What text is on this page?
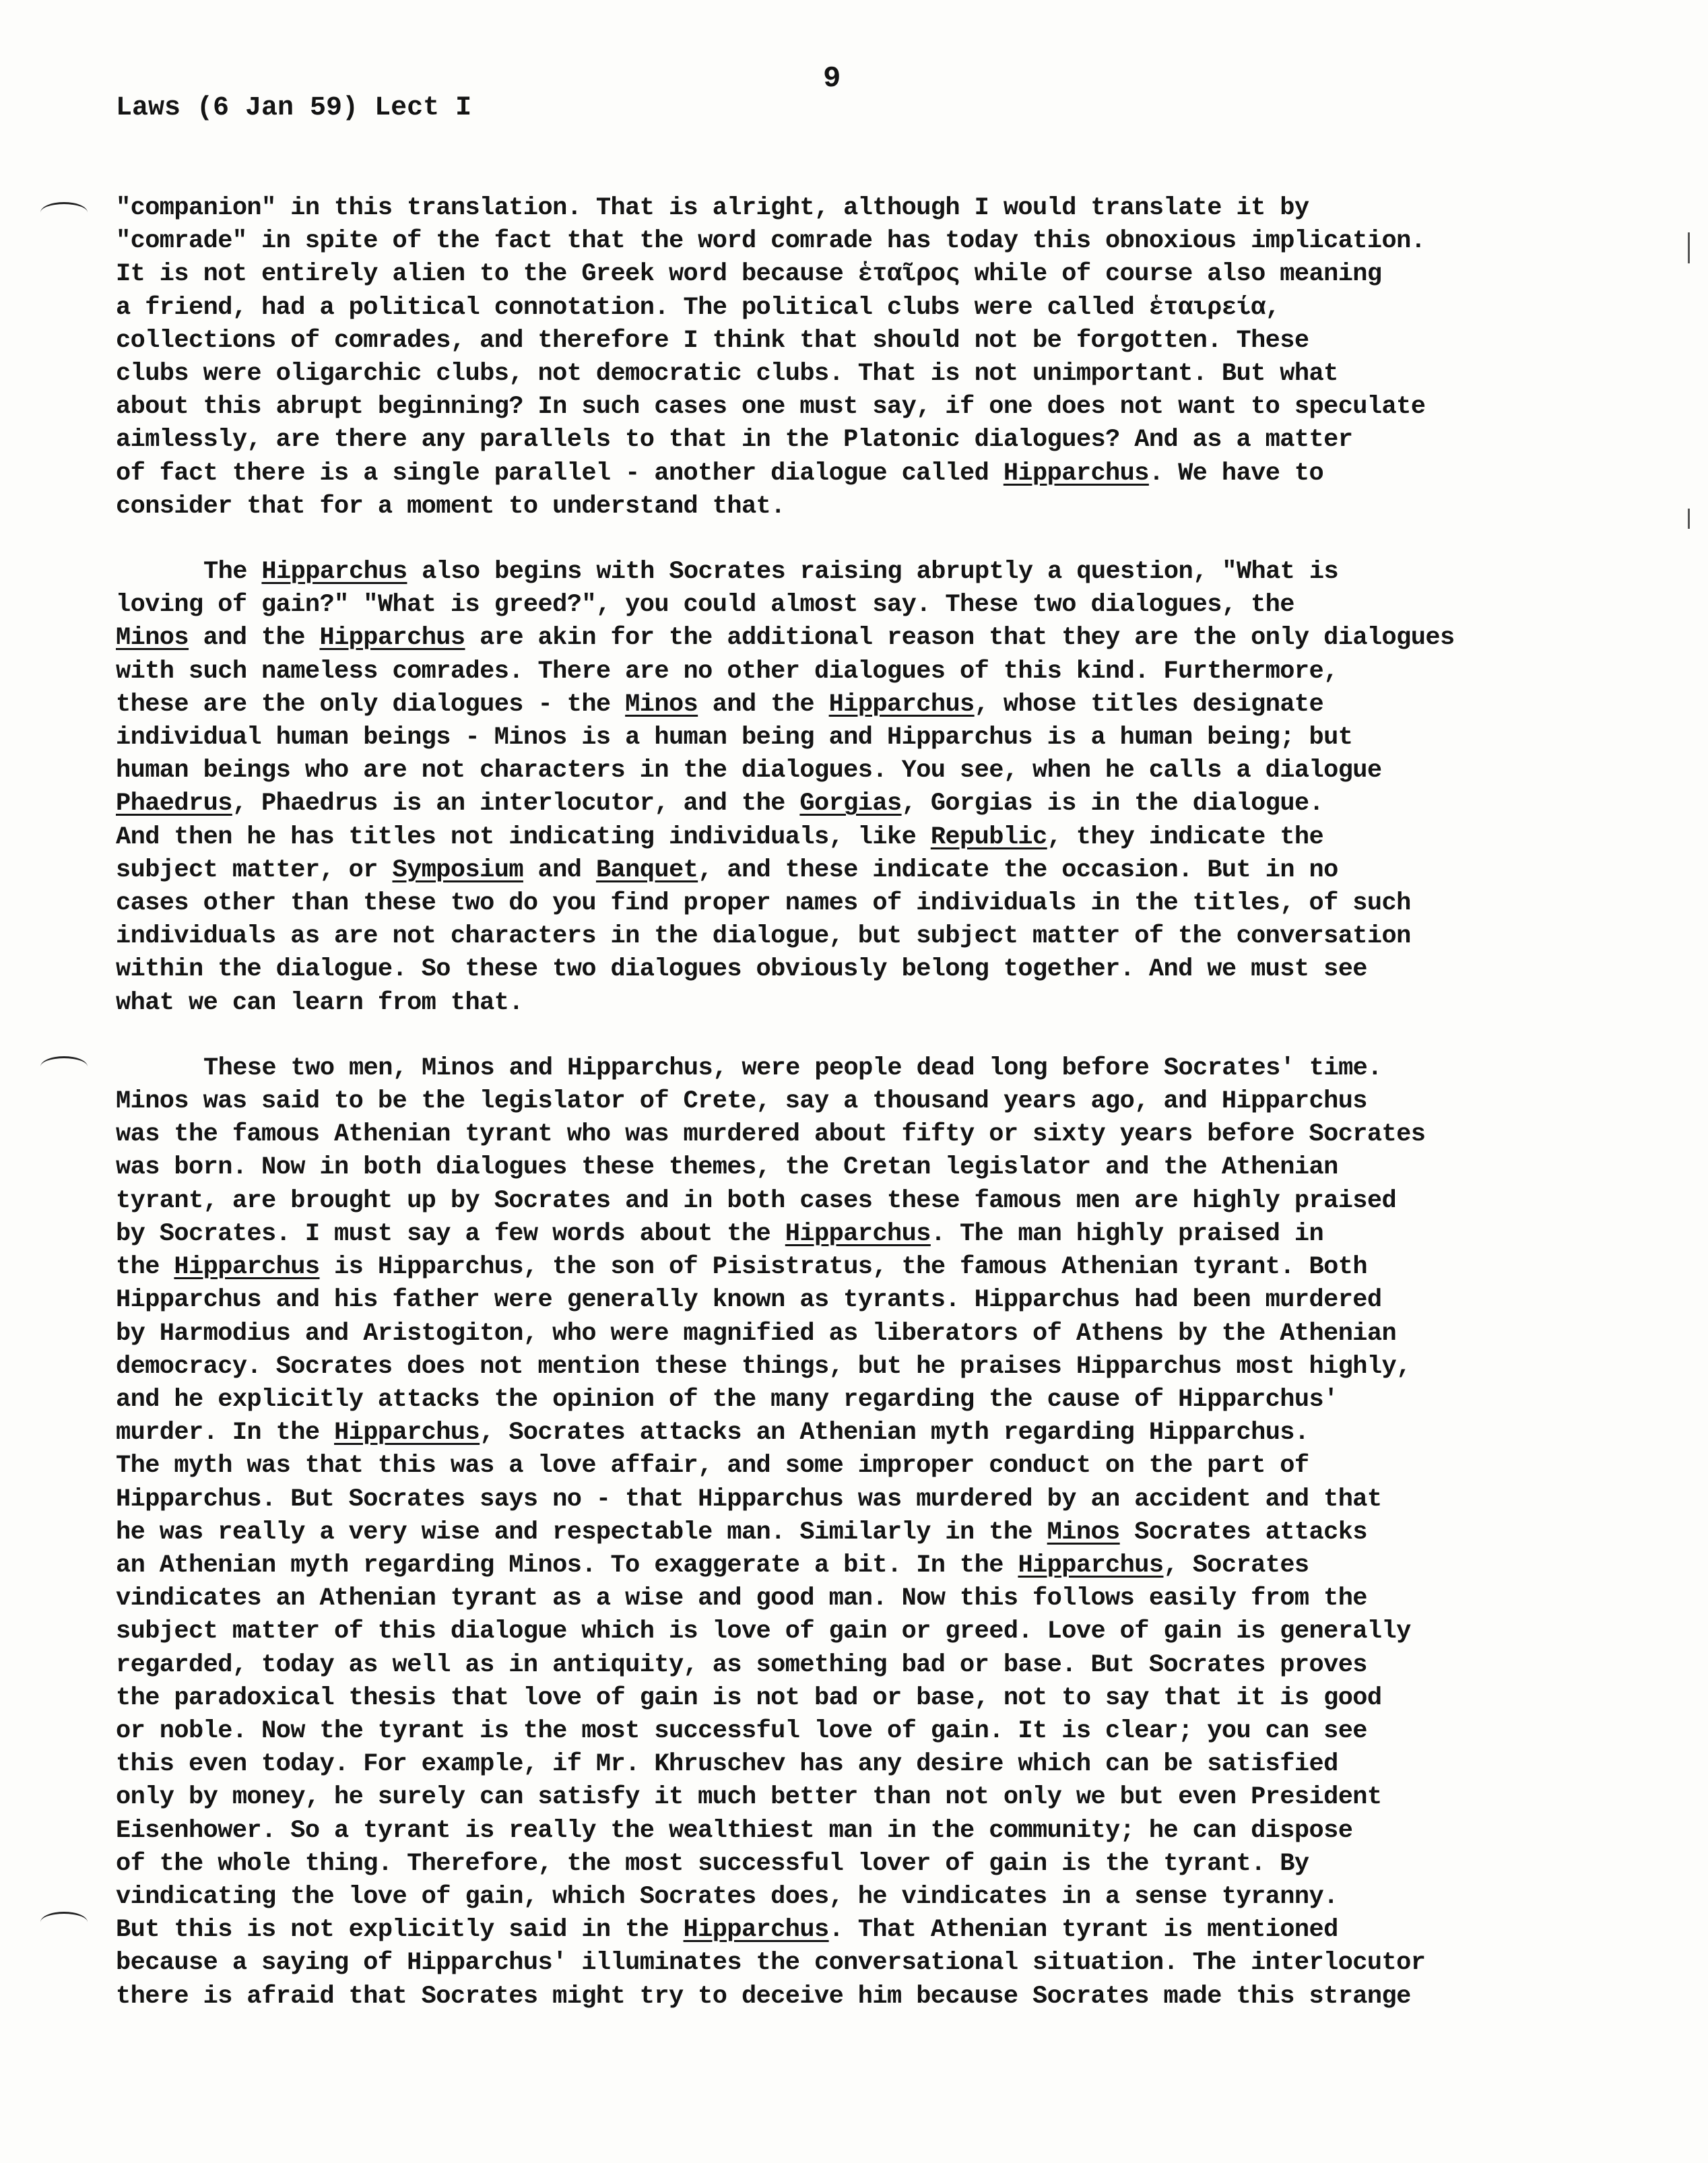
9
Laws (6 Jan 59) Lect I
"companion" in this translation. That is alright, although I would translate it by
"comrade" in spite of the fact that the word comrade has today this obnoxious implication.
It is not entirely alien to the Greek word because ἑταῖρος while of course also meaning
a friend, had a political connotation. The political clubs were called ἑταιρεία,
collections of comrades, and therefore I think that should not be forgotten. These
clubs were oligarchic clubs, not democratic clubs. That is not unimportant. But what
about this abrupt beginning? In such cases one must say, if one does not want to speculate
aimlessly, are there any parallels to that in the Platonic dialogues? And as a matter
of fact there is a single parallel - another dialogue called Hipparchus. We have to
consider that for a moment to understand that.
The Hipparchus also begins with Socrates raising abruptly a question, "What is
loving of gain?" "What is greed?", you could almost say. These two dialogues, the
Minos and the Hipparchus are akin for the additional reason that they are the only dialogues
with such nameless comrades. There are no other dialogues of this kind. Furthermore,
these are the only dialogues - the Minos and the Hipparchus, whose titles designate
individual human beings - Minos is a human being and Hipparchus is a human being; but
human beings who are not characters in the dialogues. You see, when he calls a dialogue
Phaedrus, Phaedrus is an interlocutor, and the Gorgias, Gorgias is in the dialogue.
And then he has titles not indicating individuals, like Republic, they indicate the
subject matter, or Symposium and Banquet, and these indicate the occasion. But in no
cases other than these two do you find proper names of individuals in the titles, of such
individuals as are not characters in the dialogue, but subject matter of the conversation
within the dialogue. So these two dialogues obviously belong together. And we must see
what we can learn from that.
These two men, Minos and Hipparchus, were people dead long before Socrates' time.
Minos was said to be the legislator of Crete, say a thousand years ago, and Hipparchus
was the famous Athenian tyrant who was murdered about fifty or sixty years before Socrates
was born. Now in both dialogues these themes, the Cretan legislator and the Athenian
tyrant, are brought up by Socrates and in both cases these famous men are highly praised
by Socrates. I must say a few words about the Hipparchus. The man highly praised in
the Hipparchus is Hipparchus, the son of Pisistratus, the famous Athenian tyrant. Both
Hipparchus and his father were generally known as tyrants. Hipparchus had been murdered
by Harmodius and Aristogiton, who were magnified as liberators of Athens by the Athenian
democracy. Socrates does not mention these things, but he praises Hipparchus most highly,
and he explicitly attacks the opinion of the many regarding the cause of Hipparchus'
murder. In the Hipparchus, Socrates attacks an Athenian myth regarding Hipparchus.
The myth was that this was a love affair, and some improper conduct on the part of
Hipparchus. But Socrates says no - that Hipparchus was murdered by an accident and that
he was really a very wise and respectable man. Similarly in the Minos Socrates attacks
an Athenian myth regarding Minos. To exaggerate a bit. In the Hipparchus, Socrates
vindicates an Athenian tyrant as a wise and good man. Now this follows easily from the
subject matter of this dialogue which is love of gain or greed. Love of gain is generally
regarded, today as well as in antiquity, as something bad or base. But Socrates proves
the paradoxical thesis that love of gain is not bad or base, not to say that it is good
or noble. Now the tyrant is the most successful love of gain. It is clear; you can see
this even today. For example, if Mr. Khruschev has any desire which can be satisfied
only by money, he surely can satisfy it much better than not only we but even President
Eisenhower. So a tyrant is really the wealthiest man in the community; he can dispose
of the whole thing. Therefore, the most successful lover of gain is the tyrant. By
vindicating the love of gain, which Socrates does, he vindicates in a sense tyranny.
But this is not explicitly said in the Hipparchus. That Athenian tyrant is mentioned
because a saying of Hipparchus' illuminates the conversational situation. The interlocutor
there is afraid that Socrates might try to deceive him because Socrates made this strange
